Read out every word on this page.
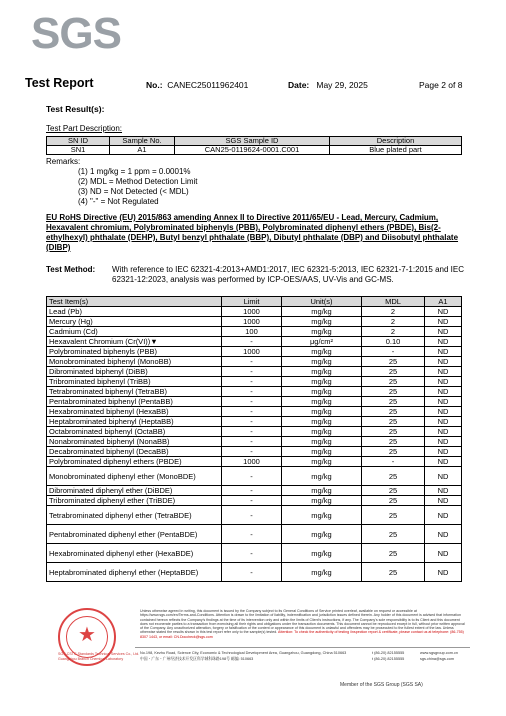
SGS
Test Report	No.: CANEC25011962401	Date: May 29, 2025	Page 2 of 8
Test Result(s):
Test Part Description:
SN ID	Sample No.	SGS Sample ID	Description
SN1	A1	CAN25-0119624-0001.C001	Blue plated part
Remarks:
(1) 1 mg/kg = 1 ppm = 0.0001%
(2) MDL = Method Detection Limit
(3) ND = Not Detected (< MDL)
(4) "-" = Not Regulated
EU RoHS Directive (EU) 2015/863 amending Annex II to Directive 2011/65/EU - Lead, Mercury, Cadmium, Hexavalent chromium, Polybrominated biphenyls (PBB), Polybrominated diphenyl ethers (PBDE), Bis(2-ethylhexyl) phthalate (DEHP), Butyl benzyl phthalate (BBP), Dibutyl phthalate (DBP) and Diisobutyl phthalate (DIBP)
Test Method: With reference to IEC 62321-4:2013+AMD1:2017, IEC 62321-5:2013, IEC 62321-7-1:2015 and IEC 62321-12:2023, analysis was performed by ICP-OES/AAS, UV-Vis and GC-MS.
Test Item(s)	Limit	Unit(s)	MDL	A1
Lead (Pb)	1000	mg/kg	2	ND
Mercury (Hg)	1000	mg/kg	2	ND
Cadmium (Cd)	100	mg/kg	2	ND
Hexavalent Chromium (Cr(VI))▼	-	μg/cm²	0.10	ND
Polybrominated biphenyls (PBB)	1000	mg/kg	-	ND
Monobrominated biphenyl (MonoBB)	-	mg/kg	25	ND
Dibrominated biphenyl (DiBB)	-	mg/kg	25	ND
Tribrominated biphenyl (TriBB)	-	mg/kg	25	ND
Tetrabrominated biphenyl (TetraBB)	-	mg/kg	25	ND
Pentabrominated biphenyl (PentaBB)	-	mg/kg	25	ND
Hexabrominated biphenyl (HexaBB)	-	mg/kg	25	ND
Heptabrominated biphenyl (HeptaBB)	-	mg/kg	25	ND
Octabrominated biphenyl (OctaBB)	-	mg/kg	25	ND
Nonabrominated biphenyl (NonaBB)	-	mg/kg	25	ND
Decabrominated biphenyl (DecaBB)	-	mg/kg	25	ND
Polybrominated diphenyl ethers (PBDE)	1000	mg/kg	-	ND
Monobrominated diphenyl ether (MonoBDE)	-	mg/kg	25	ND
Dibrominated diphenyl ether (DiBDE)	-	mg/kg	25	ND
Tribrominated diphenyl ether (TriBDE)	-	mg/kg	25	ND
Tetrabrominated diphenyl ether (TetraBDE)	-	mg/kg	25	ND
Pentabrominated diphenyl ether (PentaBDE)	-	mg/kg	25	ND
Hexabrominated diphenyl ether (HexaBDE)	-	mg/kg	25	ND
Heptabrominated diphenyl ether (HeptaBDE)	-	mg/kg	25	ND
★
SGS-CSTC Standards Technical Services Co., Ltd. Guangzhou Branch Chemical Laboratory
Unless otherwise agreed in writing, this document is issued by the Company subject to its General Conditions of Service printed overleaf, available on request or accessible at https://www.sgs.com/en/Terms-and-Conditions. Attention is drawn to the limitation of liability, indemnification and jurisdiction issues defined therein. Any holder of this document is advised that information contained hereon reflects the Company's findings at the time of its intervention only and within the limits of Client's instructions, if any. The Company's sole responsibility is to its Client and this document does not exonerate parties to a transaction from exercising all their rights and obligations under the transaction documents. This document cannot be reproduced except in full, without prior written approval of the Company. Any unauthorized alteration, forgery or falsification of the content or appearance of this document is unlawful and offenders may be prosecuted to the fullest extent of the law. Unless otherwise stated the results shown in this test report refer only to the sample(s) tested. Attention: To check the authenticity of testing /inspection report & certificate, please contact us at telephone: (86-755) 8307 1443, or email: CN.Doccheck@sgs.com
No.198, Kezhu Road, Science City, Economic & Technological Development Area, Guangzhou, Guangdong, China 510663
中国・广东・广州经济技术开发区科学城科珠路198号 邮编: 510663
t (86-20) 82155555
t (86-20) 82155555
www.sgsgroup.com.cn
sgs.china@sgs.com
Member of the SGS Group (SGS SA)
